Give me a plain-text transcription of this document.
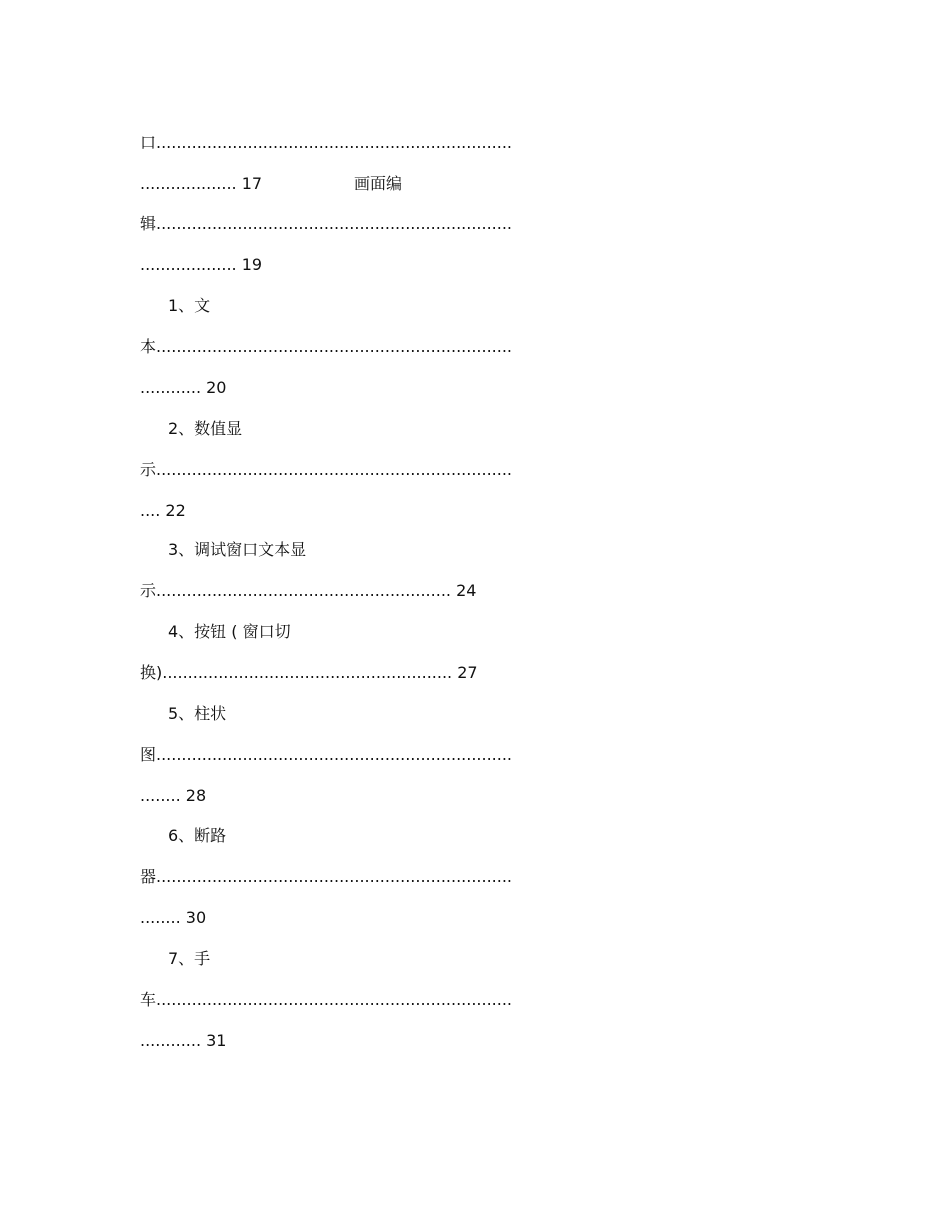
口......................................................................
................... 17	画面编
辑......................................................................
................... 19
1、文
本......................................................................
............ 20
2、数值显
示......................................................................
.... 22
3、调试窗口文本显
示.......................................................... 24
4、按钮 ( 窗口切
换)......................................................... 27
5、柱状
图......................................................................
........ 28
6、断路
器......................................................................
........ 30
7、手
车......................................................................
............ 31
